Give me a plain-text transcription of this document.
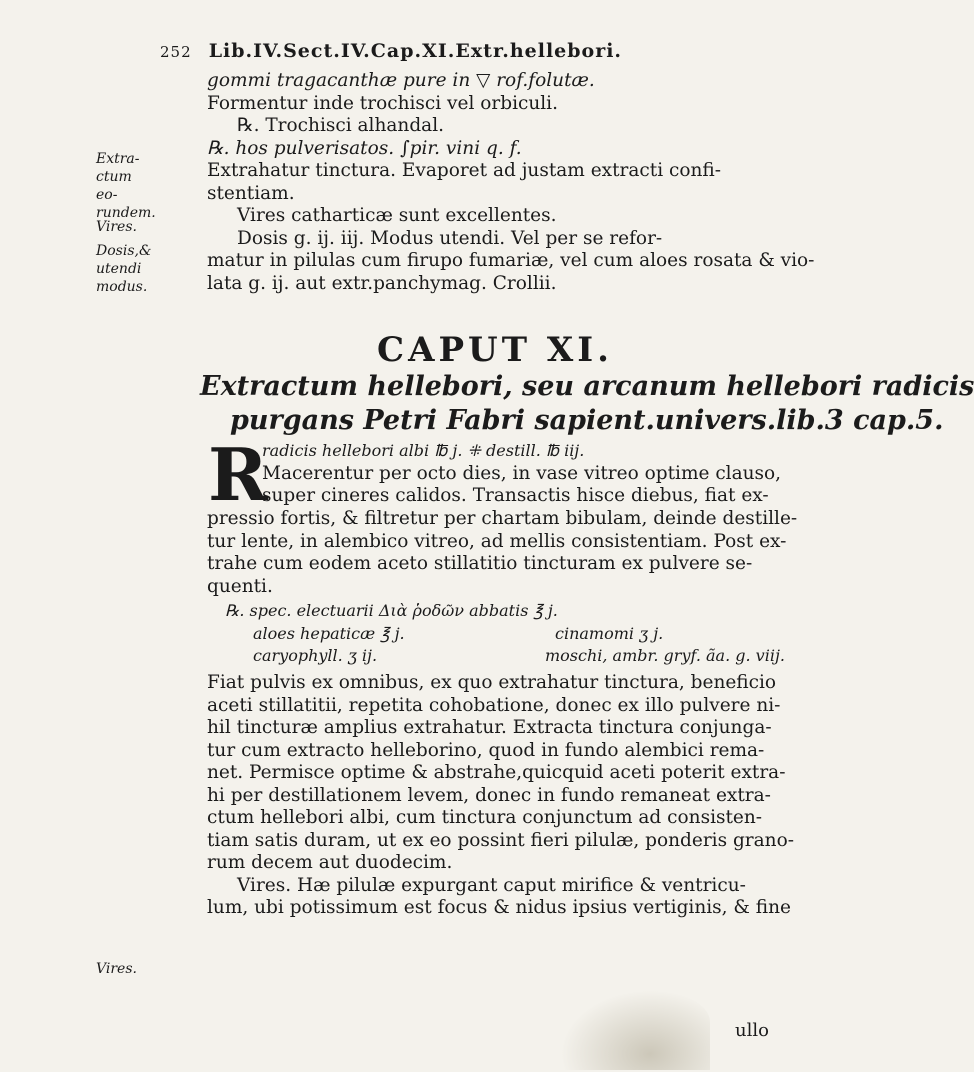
252 Lib.IV.Sect.IV.Cap.XI.Extr.hellebori.
Extra-
ctum eo-
rundem.
Vires.
Dosis,&
utendi
modus.
Vires.
gommi tragacanthæ pure in ▽ rof.folutæ.
Formentur inde trochisci vel orbiculi.
℞. Trochisci alhandal.
℞. hos pulverisatos. ∫pir. vini q. f.
Extrahatur tinctura. Evaporet ad justam extracti confi-
stentiam.
Vires catharticæ sunt excellentes.
Dosis g. ij. iij. Modus utendi. Vel per se refor-
matur in pilulas cum firupo fumariæ, vel cum aloes rosata & vio-
lata g. ij. aut extr.panchymag. Crollii.
CAPUT XI.
Extractum hellebori, seu arcanum hellebori radicis
purgans Petri Fabri sapient.univers.lib.3 cap.5.
R
radicis hellebori albi ℔ j. ⁜ destill. ℔ iij.
Macerentur per octo dies, in vase vitreo optime clauso,
super cineres calidos. Transactis hisce diebus, fiat ex-
pressio fortis, & filtretur per chartam bibulam, deinde destille-
tur lente, in alembico vitreo, ad mellis consistentiam. Post ex-
trahe cum eodem aceto stillatitio tincturam ex pulvere se-
quenti.
℞. spec. electuarii Διὰ ῥοδῶν abbatis ℥ j.
aloes hepaticæ ℥ j.	cinamomi ʒ j.
caryophyll. ʒ ij.	moschi, ambr. gryf. ãa. g. viij.
Fiat pulvis ex omnibus, ex quo extrahatur tinctura, beneficio
aceti stillatitii, repetita cohobatione, donec ex illo pulvere ni-
hil tincturæ amplius extrahatur. Extracta tinctura conjunga-
tur cum extracto helleborino, quod in fundo alembici rema-
net. Permisce optime & abstrahe,quicquid aceti poterit extra-
hi per destillationem levem, donec in fundo remaneat extra-
ctum hellebori albi, cum tinctura conjunctum ad consisten-
tiam satis duram, ut ex eo possint fieri pilulæ, ponderis grano-
rum decem aut duodecim.
Vires. Hæ pilulæ expurgant caput mirifice & ventricu-
lum, ubi potissimum est focus & nidus ipsius vertiginis, & fine
ullo
